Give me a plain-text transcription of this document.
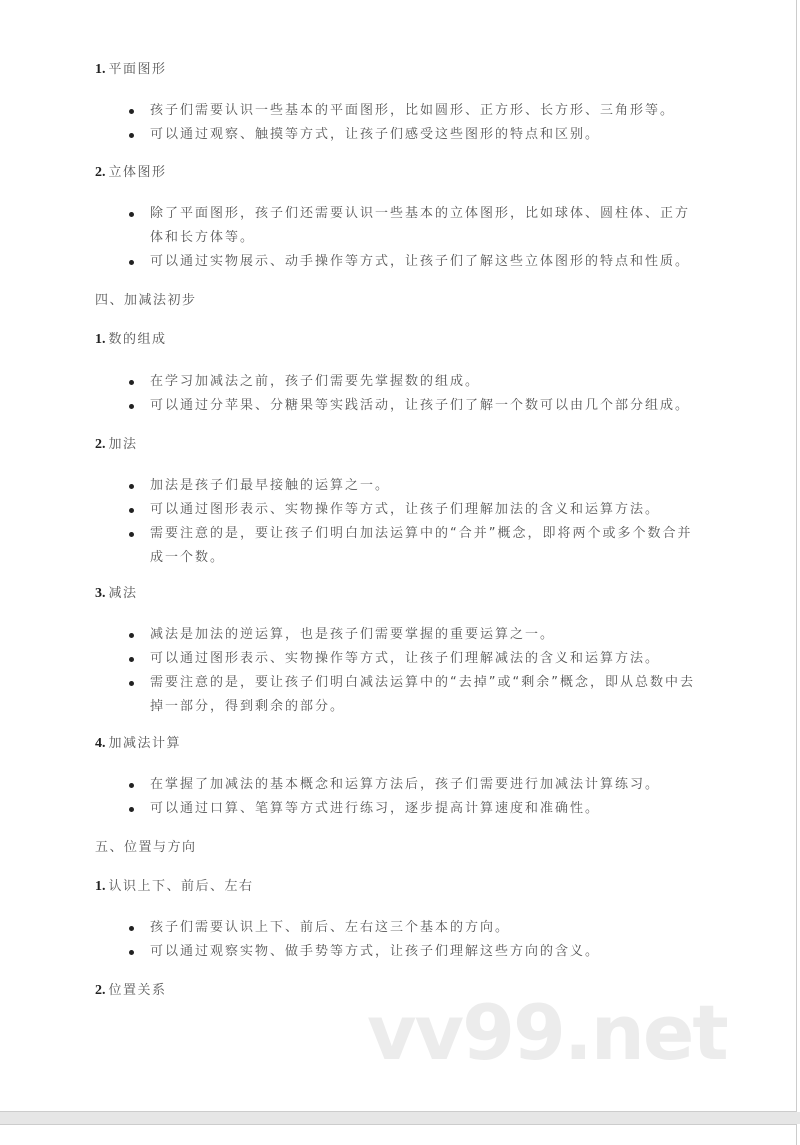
1. 平面图形
孩子们需要认识一些基本的平面图形，比如圆形、正方形、长方形、三角形等。
可以通过观察、触摸等方式，让孩子们感受这些图形的特点和区别。
2. 立体图形
除了平面图形，孩子们还需要认识一些基本的立体图形，比如球体、圆柱体、正方体和长方体等。
可以通过实物展示、动手操作等方式，让孩子们了解这些立体图形的特点和性质。
四、加减法初步
1. 数的组成
在学习加减法之前，孩子们需要先掌握数的组成。
可以通过分苹果、分糖果等实践活动，让孩子们了解一个数可以由几个部分组成。
2. 加法
加法是孩子们最早接触的运算之一。
可以通过图形表示、实物操作等方式，让孩子们理解加法的含义和运算方法。
需要注意的是，要让孩子们明白加法运算中的“合并”概念，即将两个或多个数合并成一个数。
3. 减法
减法是加法的逆运算，也是孩子们需要掌握的重要运算之一。
可以通过图形表示、实物操作等方式，让孩子们理解减法的含义和运算方法。
需要注意的是，要让孩子们明白减法运算中的“去掉”或“剩余”概念，即从总数中去掉一部分，得到剩余的部分。
4. 加减法计算
在掌握了加减法的基本概念和运算方法后，孩子们需要进行加减法计算练习。
可以通过口算、笔算等方式进行练习，逐步提高计算速度和准确性。
五、位置与方向
1. 认识上下、前后、左右
孩子们需要认识上下、前后、左右这三个基本的方向。
可以通过观察实物、做手势等方式，让孩子们理解这些方向的含义。
2. 位置关系	vv99.net
